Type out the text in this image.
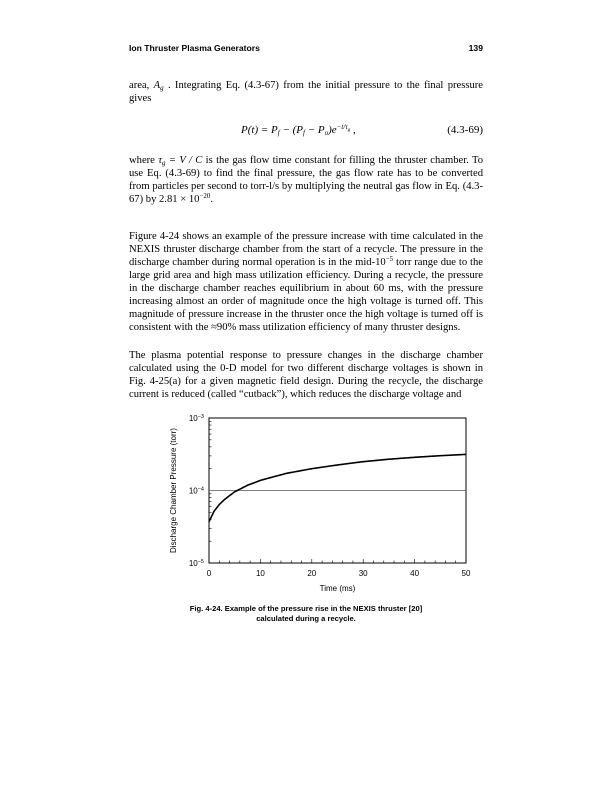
Ion Thruster Plasma Generators	139

area, $A_g$ . Integrating Eq. (4.3-67) from the initial pressure to the final pressure gives

$P(t) = P_f - (P_f - P_o)e^{-t/\tau_g}$ ,	(4.3-69)

where $\tau_g = V / C$ is the gas flow time constant for filling the thruster chamber. To use Eq. (4.3-69) to find the final pressure, the gas flow rate has to be converted from particles per second to torr-l/s by multiplying the neutral gas flow in Eq. (4.3-67) by $2.81 \times 10^{-20}$.

Figure 4-24 shows an example of the pressure increase with time calculated in the NEXIS thruster discharge chamber from the start of a recycle. The pressure in the discharge chamber during normal operation is in the mid-$10^{-5}$ torr range due to the large grid area and high mass utilization efficiency. During a recycle, the pressure in the discharge chamber reaches equilibrium in about 60 ms, with the pressure increasing almost an order of magnitude once the high voltage is turned off. This magnitude of pressure increase in the thruster once the high voltage is turned off is consistent with the ≈90% mass utilization efficiency of many thruster designs.

The plasma potential response to pressure changes in the discharge chamber calculated using the 0-D model for two different discharge voltages is shown in Fig. 4-25(a) for a given magnetic field design. During the recycle, the discharge current is reduced (called “cutback”), which reduces the discharge voltage and

$10^{-5}$
$10^{-4}$
$10^{-3}$
0	10	20	30	40	50
Time (ms)
Discharge Chamber Pressure (torr)
Fig. 4-24. Example of the pressure rise in the NEXIS thruster [20]
calculated during a recycle.
